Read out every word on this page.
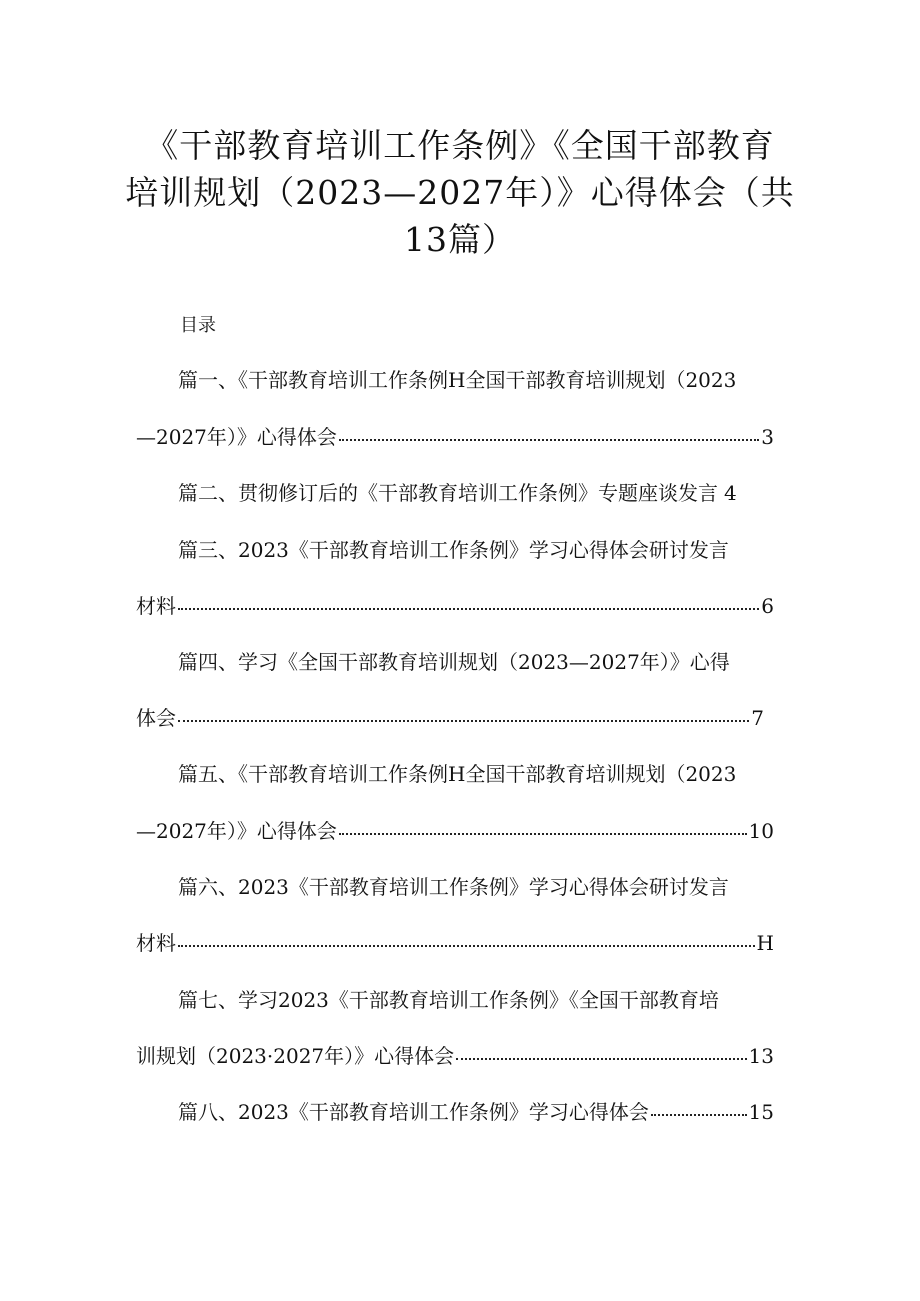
《干部教育培训工作条例》《全国干部教育
培训规划（2023—2027年）》心得体会（共
13篇）
目录
篇一、《干部教育培训工作条例H全国干部教育培训规划（2023
—2027年）》心得体会	3
篇二、贯彻修订后的《干部教育培训工作条例》专题座谈发言 4
篇三、2023《干部教育培训工作条例》学习心得体会研讨发言
材料	6
篇四、学习《全国干部教育培训规划（2023—2027年）》心得
体会	7
篇五、《干部教育培训工作条例H全国干部教育培训规划（2023
—2027年）》心得体会	10
篇六、2023《干部教育培训工作条例》学习心得体会研讨发言
材料	H
篇七、学习2023《干部教育培训工作条例》《全国干部教育培
训规划（2023·2027年）》心得体会	13
篇八、2023《干部教育培训工作条例》学习心得体会	15
